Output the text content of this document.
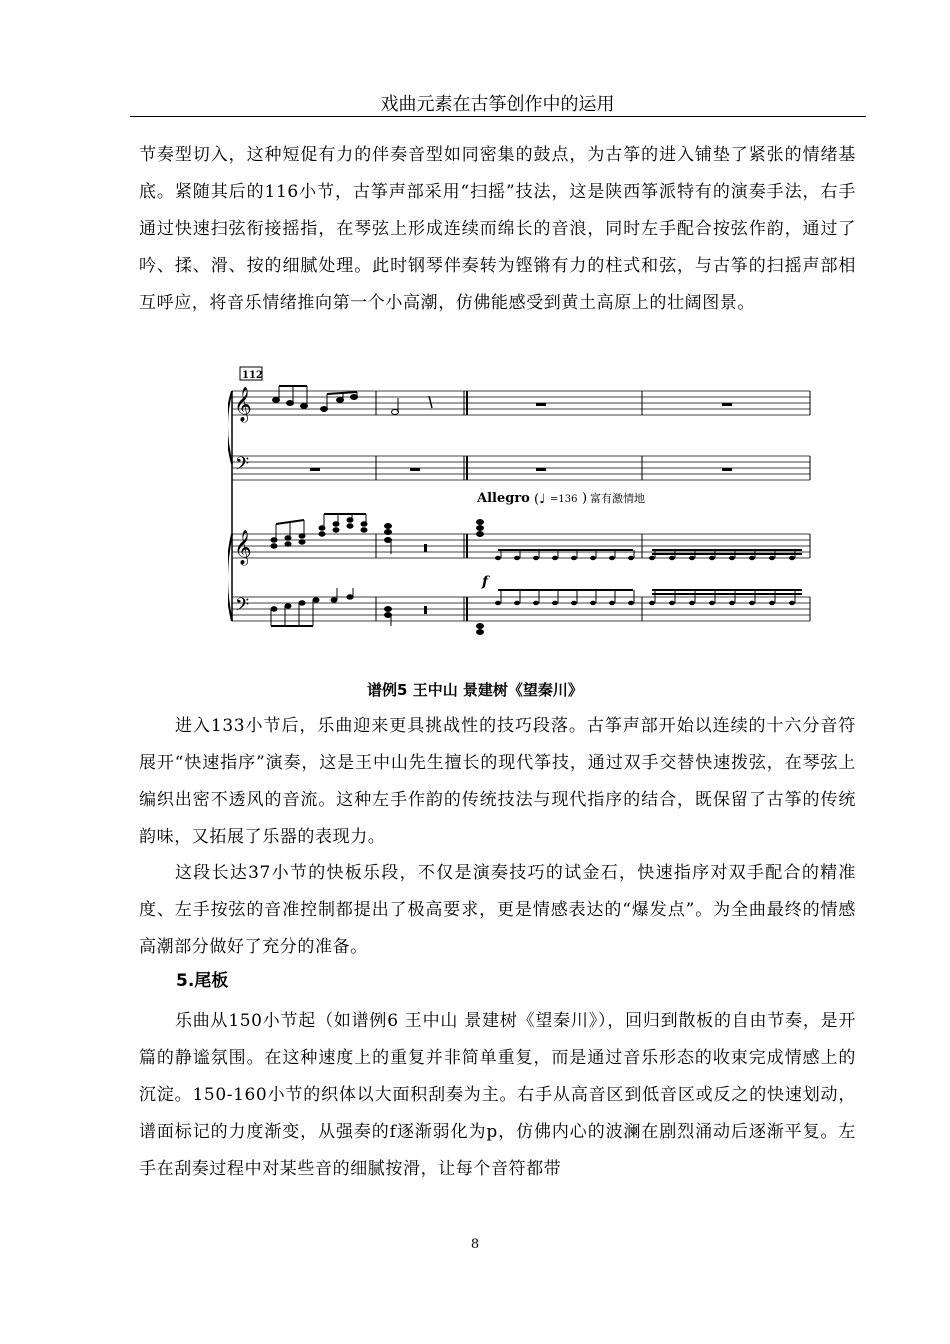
戏曲元素在古筝创作中的运用

节奏型切入，这种短促有力的伴奏音型如同密集的鼓点，为古筝的进入铺垫了紧张的情绪基底。紧随其后的116小节，古筝声部采用“扫摇”技法，这是陕西筝派特有的演奏手法，右手通过快速扫弦衔接摇指，在琴弦上形成连续而绵长的音浪，同时左手配合按弦作韵，通过了吟、揉、滑、按的细腻处理。此时钢琴伴奏转为铿锵有力的柱式和弦，与古筝的扫摇声部相互呼应，将音乐情绪推向第一个小高潮，仿佛能感受到黄土高原上的壮阔图景。

112
𝄞
𝄢
𝄞
𝄢
Allegro (♩ =136 ) 富有激情地
f
谱例5 王中山 景建树《望秦川》

进入133小节后，乐曲迎来更具挑战性的技巧段落。古筝声部开始以连续的十六分音符展开“快速指序”演奏，这是王中山先生擅长的现代筝技，通过双手交替快速拨弦，在琴弦上编织出密不透风的音流。这种左手作韵的传统技法与现代指序的结合，既保留了古筝的传统韵味，又拓展了乐器的表现力。

这段长达37小节的快板乐段，不仅是演奏技巧的试金石，快速指序对双手配合的精准度、左手按弦的音准控制都提出了极高要求，更是情感表达的“爆发点”。为全曲最终的情感高潮部分做好了充分的准备。

5.尾板

乐曲从150小节起（如谱例6 王中山 景建树《望秦川》），回归到散板的自由节奏，是开篇的静谧氛围。在这种速度上的重复并非简单重复，而是通过音乐形态的收束完成情感上的沉淀。150-160小节的织体以大面积刮奏为主。右手从高音区到低音区或反之的快速划动，谱面标记的力度渐变，从强奏的f逐渐弱化为p，仿佛内心的波澜在剧烈涌动后逐渐平复。左手在刮奏过程中对某些音的细腻按滑，让每个音符都带

8
